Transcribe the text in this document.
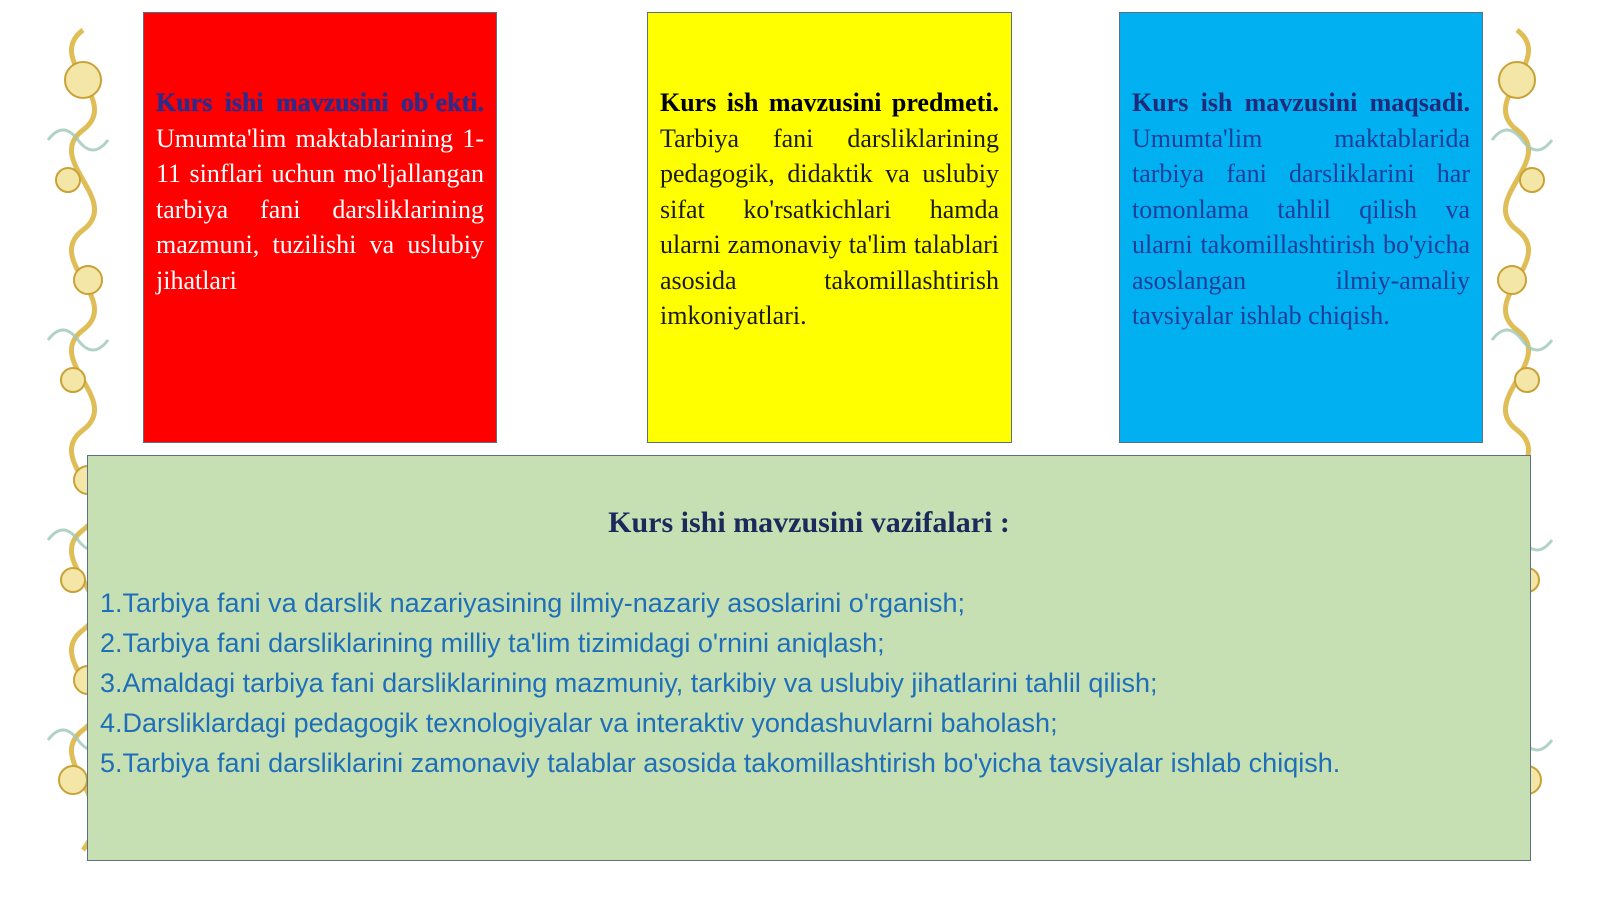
Kurs ishi mavzusini ob'ekti. Umumta'lim maktablarining 1-11 sinflari uchun mo'ljallangan tarbiya fani darsliklarining mazmuni, tuzilishi va uslubiy jihatlari
Kurs ish mavzusini predmeti. Tarbiya fani darsliklarining pedagogik, didaktik va uslubiy sifat ko'rsatkichlari hamda ularni zamonaviy ta'lim talablari asosida takomillashtirish imkoniyatlari.
Kurs ish mavzusini maqsadi. Umumta'lim maktablarida tarbiya fani darsliklarini har tomonlama tahlil qilish va ularni takomillashtirish bo'yicha asoslangan ilmiy-amaliy tavsiyalar ishlab chiqish.
Kurs ishi mavzusini vazifalari :
1.Tarbiya fani va darslik nazariyasining ilmiy-nazariy asoslarini o'rganish;
2.Tarbiya fani darsliklarining milliy ta'lim tizimidagi o'rnini aniqlash;
3.Amaldagi tarbiya fani darsliklarining mazmuniy, tarkibiy va uslubiy jihatlarini tahlil qilish;
4.Darsliklardagi pedagogik texnologiyalar va interaktiv yondashuvlarni baholash;
5.Tarbiya fani darsliklarini zamonaviy talablar asosida takomillashtirish bo'yicha tavsiyalar ishlab chiqish.
